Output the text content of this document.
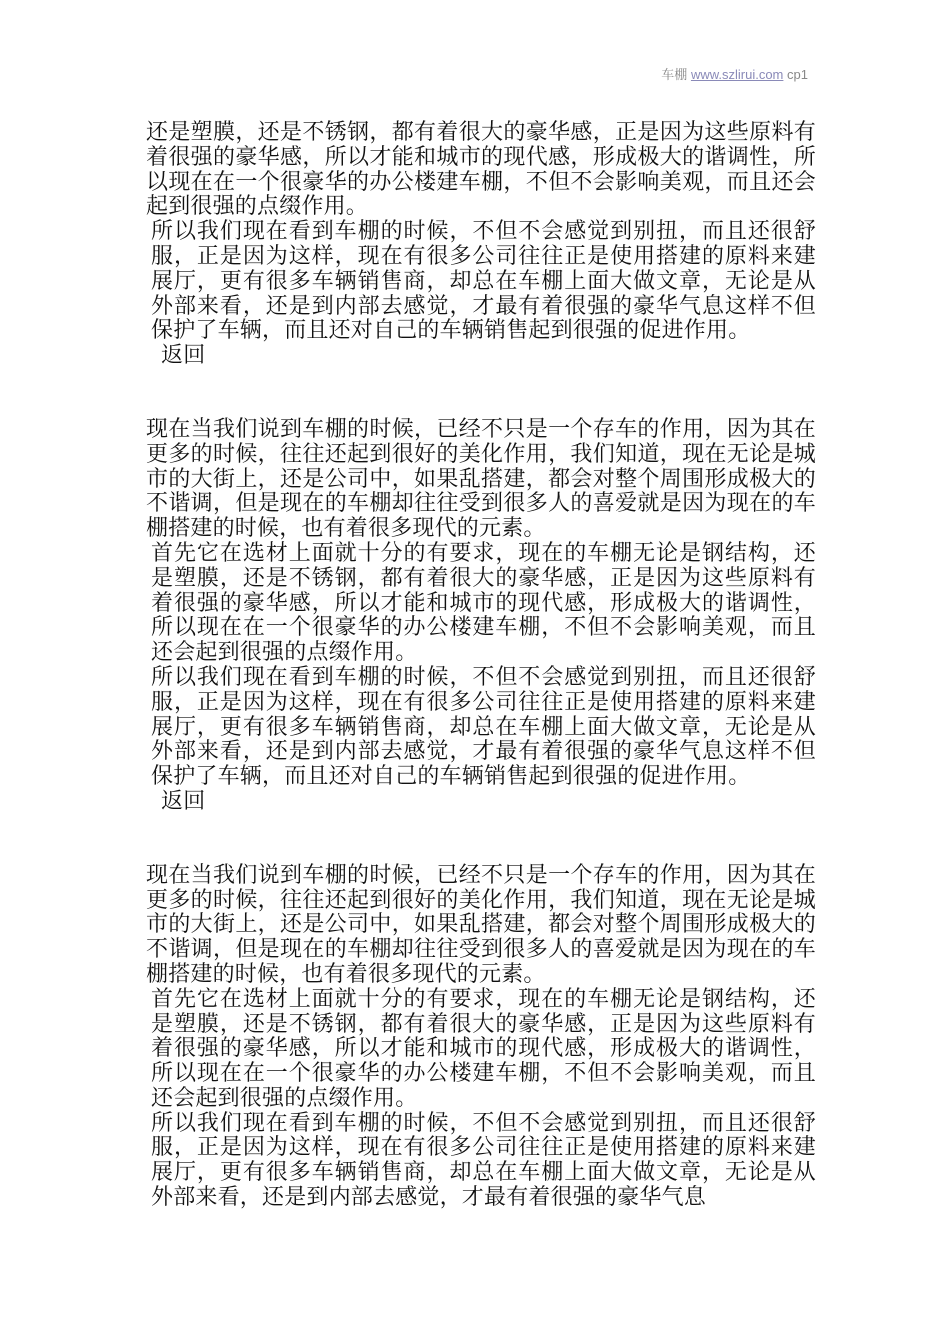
车棚 www.szlirui.com cp1

还是塑膜，还是不锈钢，都有着很大的豪华感，正是因为这些原料有着很强的豪华感，所以才能和城市的现代感，形成极大的谐调性，所以现在在一个很豪华的办公楼建车棚，不但不会影响美观，而且还会起到很强的点缀作用。

所以我们现在看到车棚的时候，不但不会感觉到别扭，而且还很舒服，正是因为这样，现在有很多公司往往正是使用搭建的原料来建展厅，更有很多车辆销售商，却总在车棚上面大做文章，无论是从外部来看，还是到内部去感觉，才最有着很强的豪华气息这样不但保护了车辆，而且还对自己的车辆销售起到很强的促进作用。

返回

现在当我们说到车棚的时候，已经不只是一个存车的作用，因为其在更多的时候，往往还起到很好的美化作用，我们知道，现在无论是城市的大街上，还是公司中，如果乱搭建，都会对整个周围形成极大的不谐调，但是现在的车棚却往往受到很多人的喜爱就是因为现在的车棚搭建的时候，也有着很多现代的元素。

首先它在选材上面就十分的有要求，现在的车棚无论是钢结构，还是塑膜，还是不锈钢，都有着很大的豪华感，正是因为这些原料有着很强的豪华感，所以才能和城市的现代感，形成极大的谐调性，所以现在在一个很豪华的办公楼建车棚，不但不会影响美观，而且还会起到很强的点缀作用。

所以我们现在看到车棚的时候，不但不会感觉到别扭，而且还很舒服，正是因为这样，现在有很多公司往往正是使用搭建的原料来建展厅，更有很多车辆销售商，却总在车棚上面大做文章，无论是从外部来看，还是到内部去感觉，才最有着很强的豪华气息这样不但保护了车辆，而且还对自己的车辆销售起到很强的促进作用。

返回

现在当我们说到车棚的时候，已经不只是一个存车的作用，因为其在更多的时候，往往还起到很好的美化作用，我们知道，现在无论是城市的大街上，还是公司中，如果乱搭建，都会对整个周围形成极大的不谐调，但是现在的车棚却往往受到很多人的喜爱就是因为现在的车棚搭建的时候，也有着很多现代的元素。

首先它在选材上面就十分的有要求，现在的车棚无论是钢结构，还是塑膜，还是不锈钢，都有着很大的豪华感，正是因为这些原料有着很强的豪华感，所以才能和城市的现代感，形成极大的谐调性，所以现在在一个很豪华的办公楼建车棚，不但不会影响美观，而且还会起到很强的点缀作用。

所以我们现在看到车棚的时候，不但不会感觉到别扭，而且还很舒服，正是因为这样，现在有很多公司往往正是使用搭建的原料来建展厅，更有很多车辆销售商，却总在车棚上面大做文章，无论是从外部来看，还是到内部去感觉，才最有着很强的豪华气息
